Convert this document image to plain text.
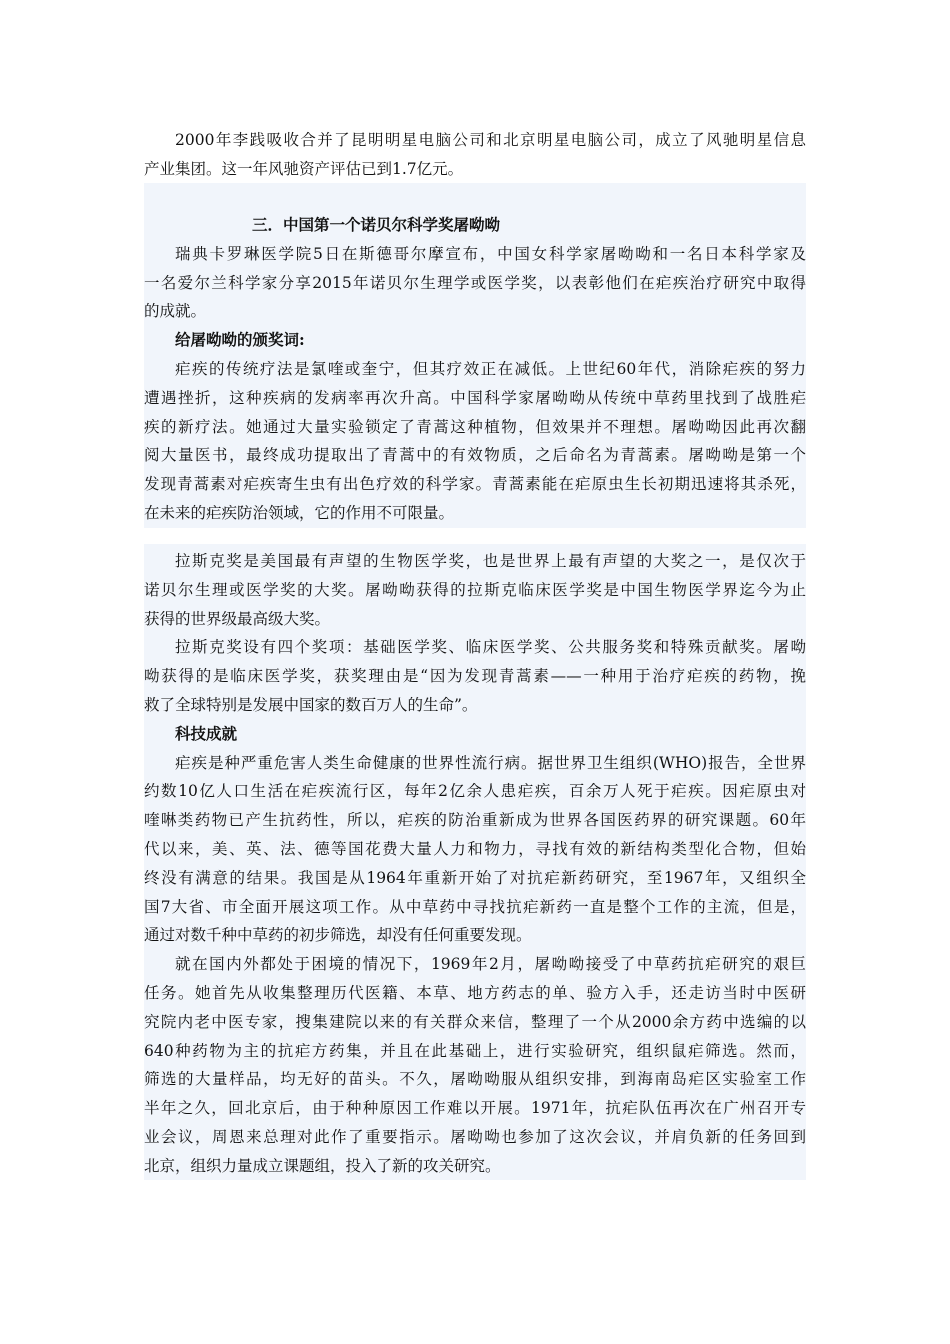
2000年李践吸收合并了昆明明星电脑公司和北京明星电脑公司，成立了风驰明星信息
产业集团。这一年风驰资产评估已到1.7亿元。

三．中国第一个诺贝尔科学奖屠呦呦

瑞典卡罗琳医学院5日在斯德哥尔摩宣布，中国女科学家屠呦呦和一名日本科学家及
一名爱尔兰科学家分享2015年诺贝尔生理学或医学奖，以表彰他们在疟疾治疗研究中取得
的成就。

给屠呦呦的颁奖词:

疟疾的传统疗法是氯喹或奎宁，但其疗效正在减低。上世纪60年代，消除疟疾的努力
遭遇挫折，这种疾病的发病率再次升高。中国科学家屠呦呦从传统中草药里找到了战胜疟
疾的新疗法。她通过大量实验锁定了青蒿这种植物，但效果并不理想。屠呦呦因此再次翻
阅大量医书，最终成功提取出了青蒿中的有效物质，之后命名为青蒿素。屠呦呦是第一个
发现青蒿素对疟疾寄生虫有出色疗效的科学家。青蒿素能在疟原虫生长初期迅速将其杀死，
在未来的疟疾防治领域，它的作用不可限量。

拉斯克奖是美国最有声望的生物医学奖，也是世界上最有声望的大奖之一，是仅次于
诺贝尔生理或医学奖的大奖。屠呦呦获得的拉斯克临床医学奖是中国生物医学界迄今为止
获得的世界级最高级大奖。

拉斯克奖设有四个奖项：基础医学奖、临床医学奖、公共服务奖和特殊贡献奖。屠呦
呦获得的是临床医学奖，获奖理由是“因为发现青蒿素——一种用于治疗疟疾的药物，挽
救了全球特别是发展中国家的数百万人的生命”。

科技成就

疟疾是种严重危害人类生命健康的世界性流行病。据世界卫生组织(WHO)报告，全世界
约数10亿人口生活在疟疾流行区，每年2亿余人患疟疾，百余万人死于疟疾。因疟原虫对
喹啉类药物已产生抗药性，所以，疟疾的防治重新成为世界各国医药界的研究课题。60年
代以来，美、英、法、德等国花费大量人力和物力，寻找有效的新结构类型化合物，但始
终没有满意的结果。我国是从1964年重新开始了对抗疟新药研究，至1967年，又组织全
国7大省、市全面开展这项工作。从中草药中寻找抗疟新药一直是整个工作的主流，但是，
通过对数千种中草药的初步筛选，却没有任何重要发现。

就在国内外都处于困境的情况下，1969年2月，屠呦呦接受了中草药抗疟研究的艰巨
任务。她首先从收集整理历代医籍、本草、地方药志的单、验方入手，还走访当时中医研
究院内老中医专家，搜集建院以来的有关群众来信，整理了一个从2000余方药中选编的以
640种药物为主的抗疟方药集，并且在此基础上，进行实验研究，组织鼠疟筛选。然而，
筛选的大量样品，均无好的苗头。不久，屠呦呦服从组织安排，到海南岛疟区实验室工作
半年之久，回北京后，由于种种原因工作难以开展。1971年，抗疟队伍再次在广州召开专
业会议，周恩来总理对此作了重要指示。屠呦呦也参加了这次会议，并肩负新的任务回到
北京，组织力量成立课题组，投入了新的攻关研究。
